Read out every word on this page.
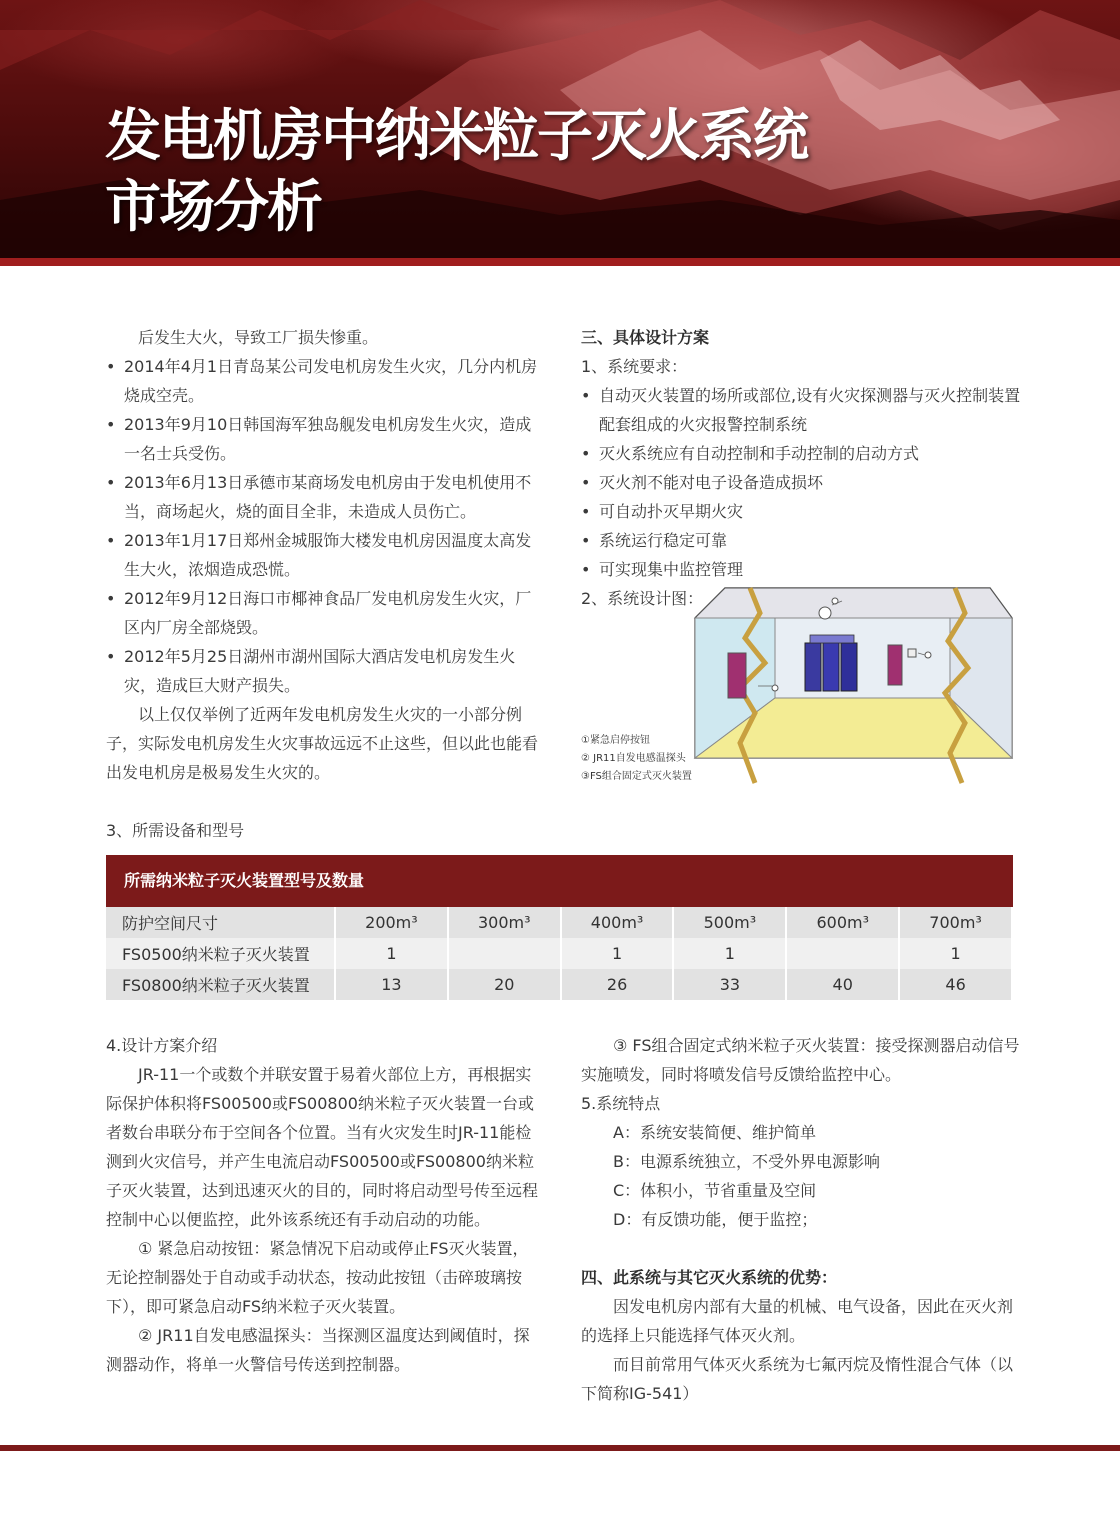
发电机房中纳米粒子灭火系统
市场分析

后发生大火，导致工厂损失惨重。

• 2014年4月1日青岛某公司发电机房发生火灾，几分内机房烧成空壳。
• 2013年9月10日韩国海军独岛舰发电机房发生火灾，造成一名士兵受伤。
• 2013年6月13日承德市某商场发电机房由于发电机使用不当，商场起火，烧的面目全非，未造成人员伤亡。
• 2013年1月17日郑州金城服饰大楼发电机房因温度太高发生大火，浓烟造成恐慌。
• 2012年9月12日海口市椰神食品厂发电机房发生火灾，厂区内厂房全部烧毁。
• 2012年5月25日湖州市湖州国际大酒店发电机房发生火灾，造成巨大财产损失。

以上仅仅举例了近两年发电机房发生火灾的一小部分例子，实际发电机房发生火灾事故远远不止这些，但以此也能看出发电机房是极易发生火灾的。

三、具体设计方案

1、系统要求：

• 自动灭火装置的场所或部位,设有火灾探测器与灭火控制装置配套组成的火灾报警控制系统
• 灭火系统应有自动控制和手动控制的启动方式
• 灭火剂不能对电子设备造成损坏
• 可自动扑灭早期火灾
• 系统运行稳定可靠
• 可实现集中监控管理

2、系统设计图：

①紧急启停按钮
② JR11自发电感温探头
③FS组合固定式灭火装置
3、所需设备和型号
所需纳米粒子灭火装置型号及数量
防护空间尺寸	200m³	300m³	400m³	500m³	600m³	700m³
FS0500纳米粒子灭火装置	1		1	1		1
FS0800纳米粒子灭火装置	13	20	26	33	40	46

4.设计方案介绍

JR-11一个或数个并联安置于易着火部位上方，再根据实际保护体积将FS00500或FS00800纳米粒子灭火装置一台或者数台串联分布于空间各个位置。当有火灾发生时JR-11能检测到火灾信号，并产生电流启动FS00500或FS00800纳米粒子灭火装置，达到迅速灭火的目的，同时将启动型号传至远程控制中心以便监控，此外该系统还有手动启动的功能。

① 紧急启动按钮：紧急情况下启动或停止FS灭火装置，无论控制器处于自动或手动状态，按动此按钮（击碎玻璃按下），即可紧急启动FS纳米粒子灭火装置。

② JR11自发电感温探头：当探测区温度达到阈值时，探测器动作，将单一火警信号传送到控制器。

③ FS组合固定式纳米粒子灭火装置：接受探测器启动信号实施喷发，同时将喷发信号反馈给监控中心。

5.系统特点

A：系统安装简便、维护简单

B：电源系统独立，不受外界电源影响

C：体积小，节省重量及空间

D：有反馈功能，便于监控；

四、此系统与其它灭火系统的优势：

因发电机房内部有大量的机械、电气设备，因此在灭火剂的选择上只能选择气体灭火剂。

而目前常用气体灭火系统为七氟丙烷及惰性混合气体（以下简称IG-541）
